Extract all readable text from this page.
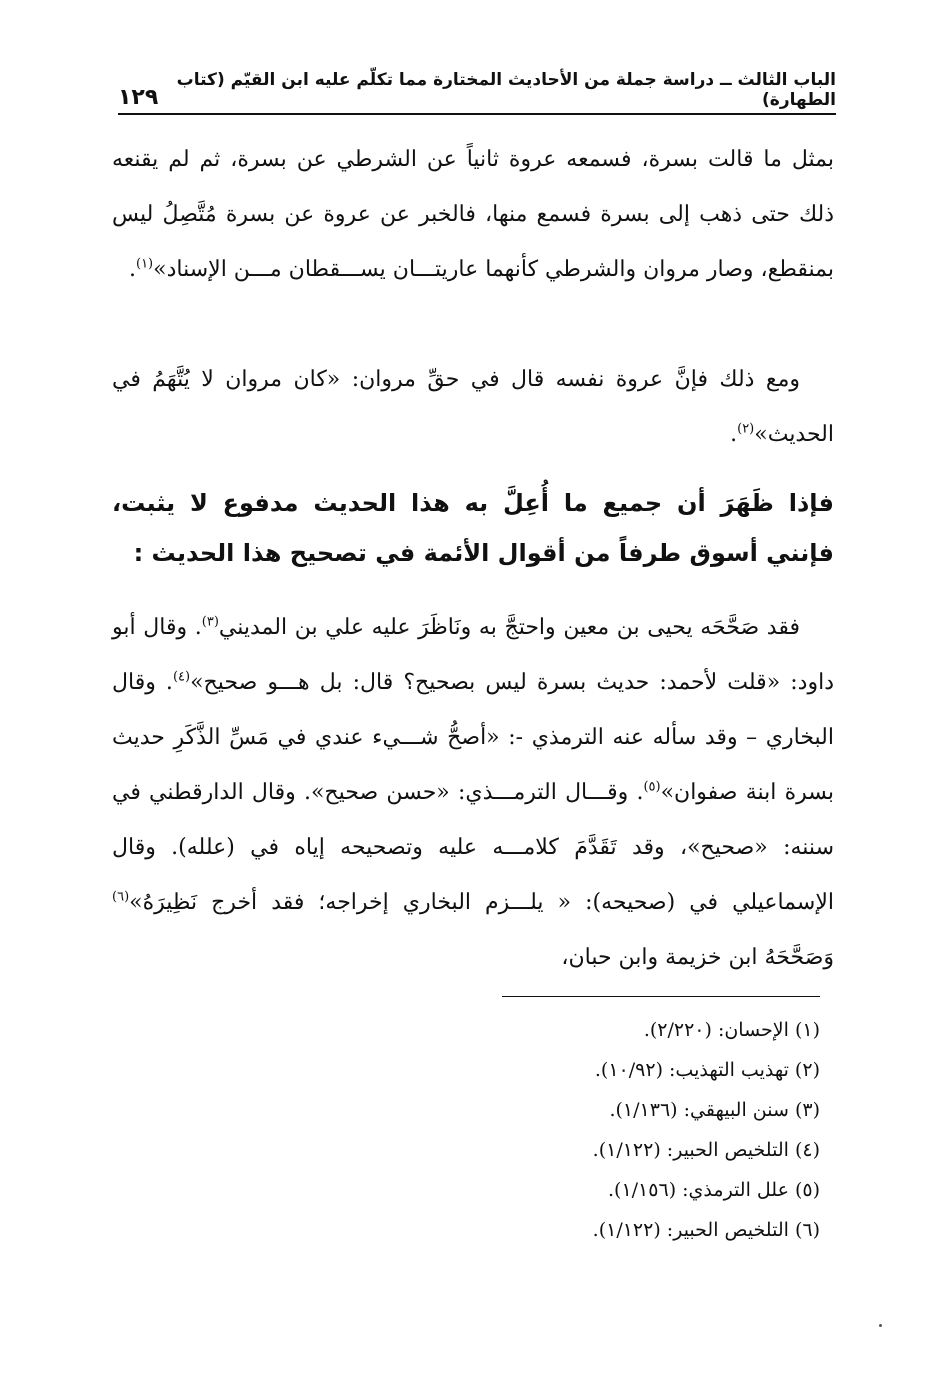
الباب الثالث ــ دراسة جملة من الأحاديث المختارة مما تكلّم عليه ابن القيّم (كتاب الطهارة)
١٢٩

بمثل ما قالت بسرة، فسمعه عروة ثانياً عن الشرطي عن بسرة، ثم لم يقنعه ذلك حتى ذهب إلى بسرة فسمع منها، فالخبر عن عروة عن بسرة مُتَّصِلُ ليس بمنقطع، وصار مروان والشرطي كأنهما عاريتـــان يســـقطان مـــن الإسناد»$^{(١)}$.

ومع ذلك فإنَّ عروة نفسه قال في حقِّ مروان: «كان مروان لا يُتَّهَمُ في الحديث»$^{(٢)}$.

فإذا ظَهَرَ أن جميع ما أُعِلَّ به هذا الحديث مدفوع لا يثبت، فإنني أسوق طرفاً من أقوال الأئمة في تصحيح هذا الحديث :

فقد صَحَّحَه يحيى بن معين واحتجَّ به ونَاظَرَ عليه علي بن المديني$^{(٣)}$. وقال أبو داود: «قلت لأحمد: حديث بسرة ليس بصحيح؟ قال: بل هـــو صحيح»$^{(٤)}$. وقال البخاري – وقد سأله عنه الترمذي -: «أصحُّ شـــيء عندي في مَسِّ الذَّكَرِ حديث بسرة ابنة صفوان»$^{(٥)}$. وقـــال الترمـــذي: «حسن صحيح». وقال الدارقطني في سننه: «صحيح»، وقد تَقَدَّمَ كلامـــه عليه وتصحيحه إياه في (علله). وقال الإسماعيلي في (صحيحه): « يلـــزم البخاري إخراجه؛ فقد أخرج نَظِيرَهُ»$^{(٦)}$ وَصَحَّحَهُ ابن خزيمة وابن حبان،

(١) الإحسان: (٢/٢٢٠).
(٢) تهذيب التهذيب: (١٠/٩٢).
(٣) سنن البيهقي: (١/١٣٦).
(٤) التلخيص الحبير: (١/١٢٢).
(٥) علل الترمذي: (١/١٥٦).
(٦) التلخيص الحبير: (١/١٢٢).
